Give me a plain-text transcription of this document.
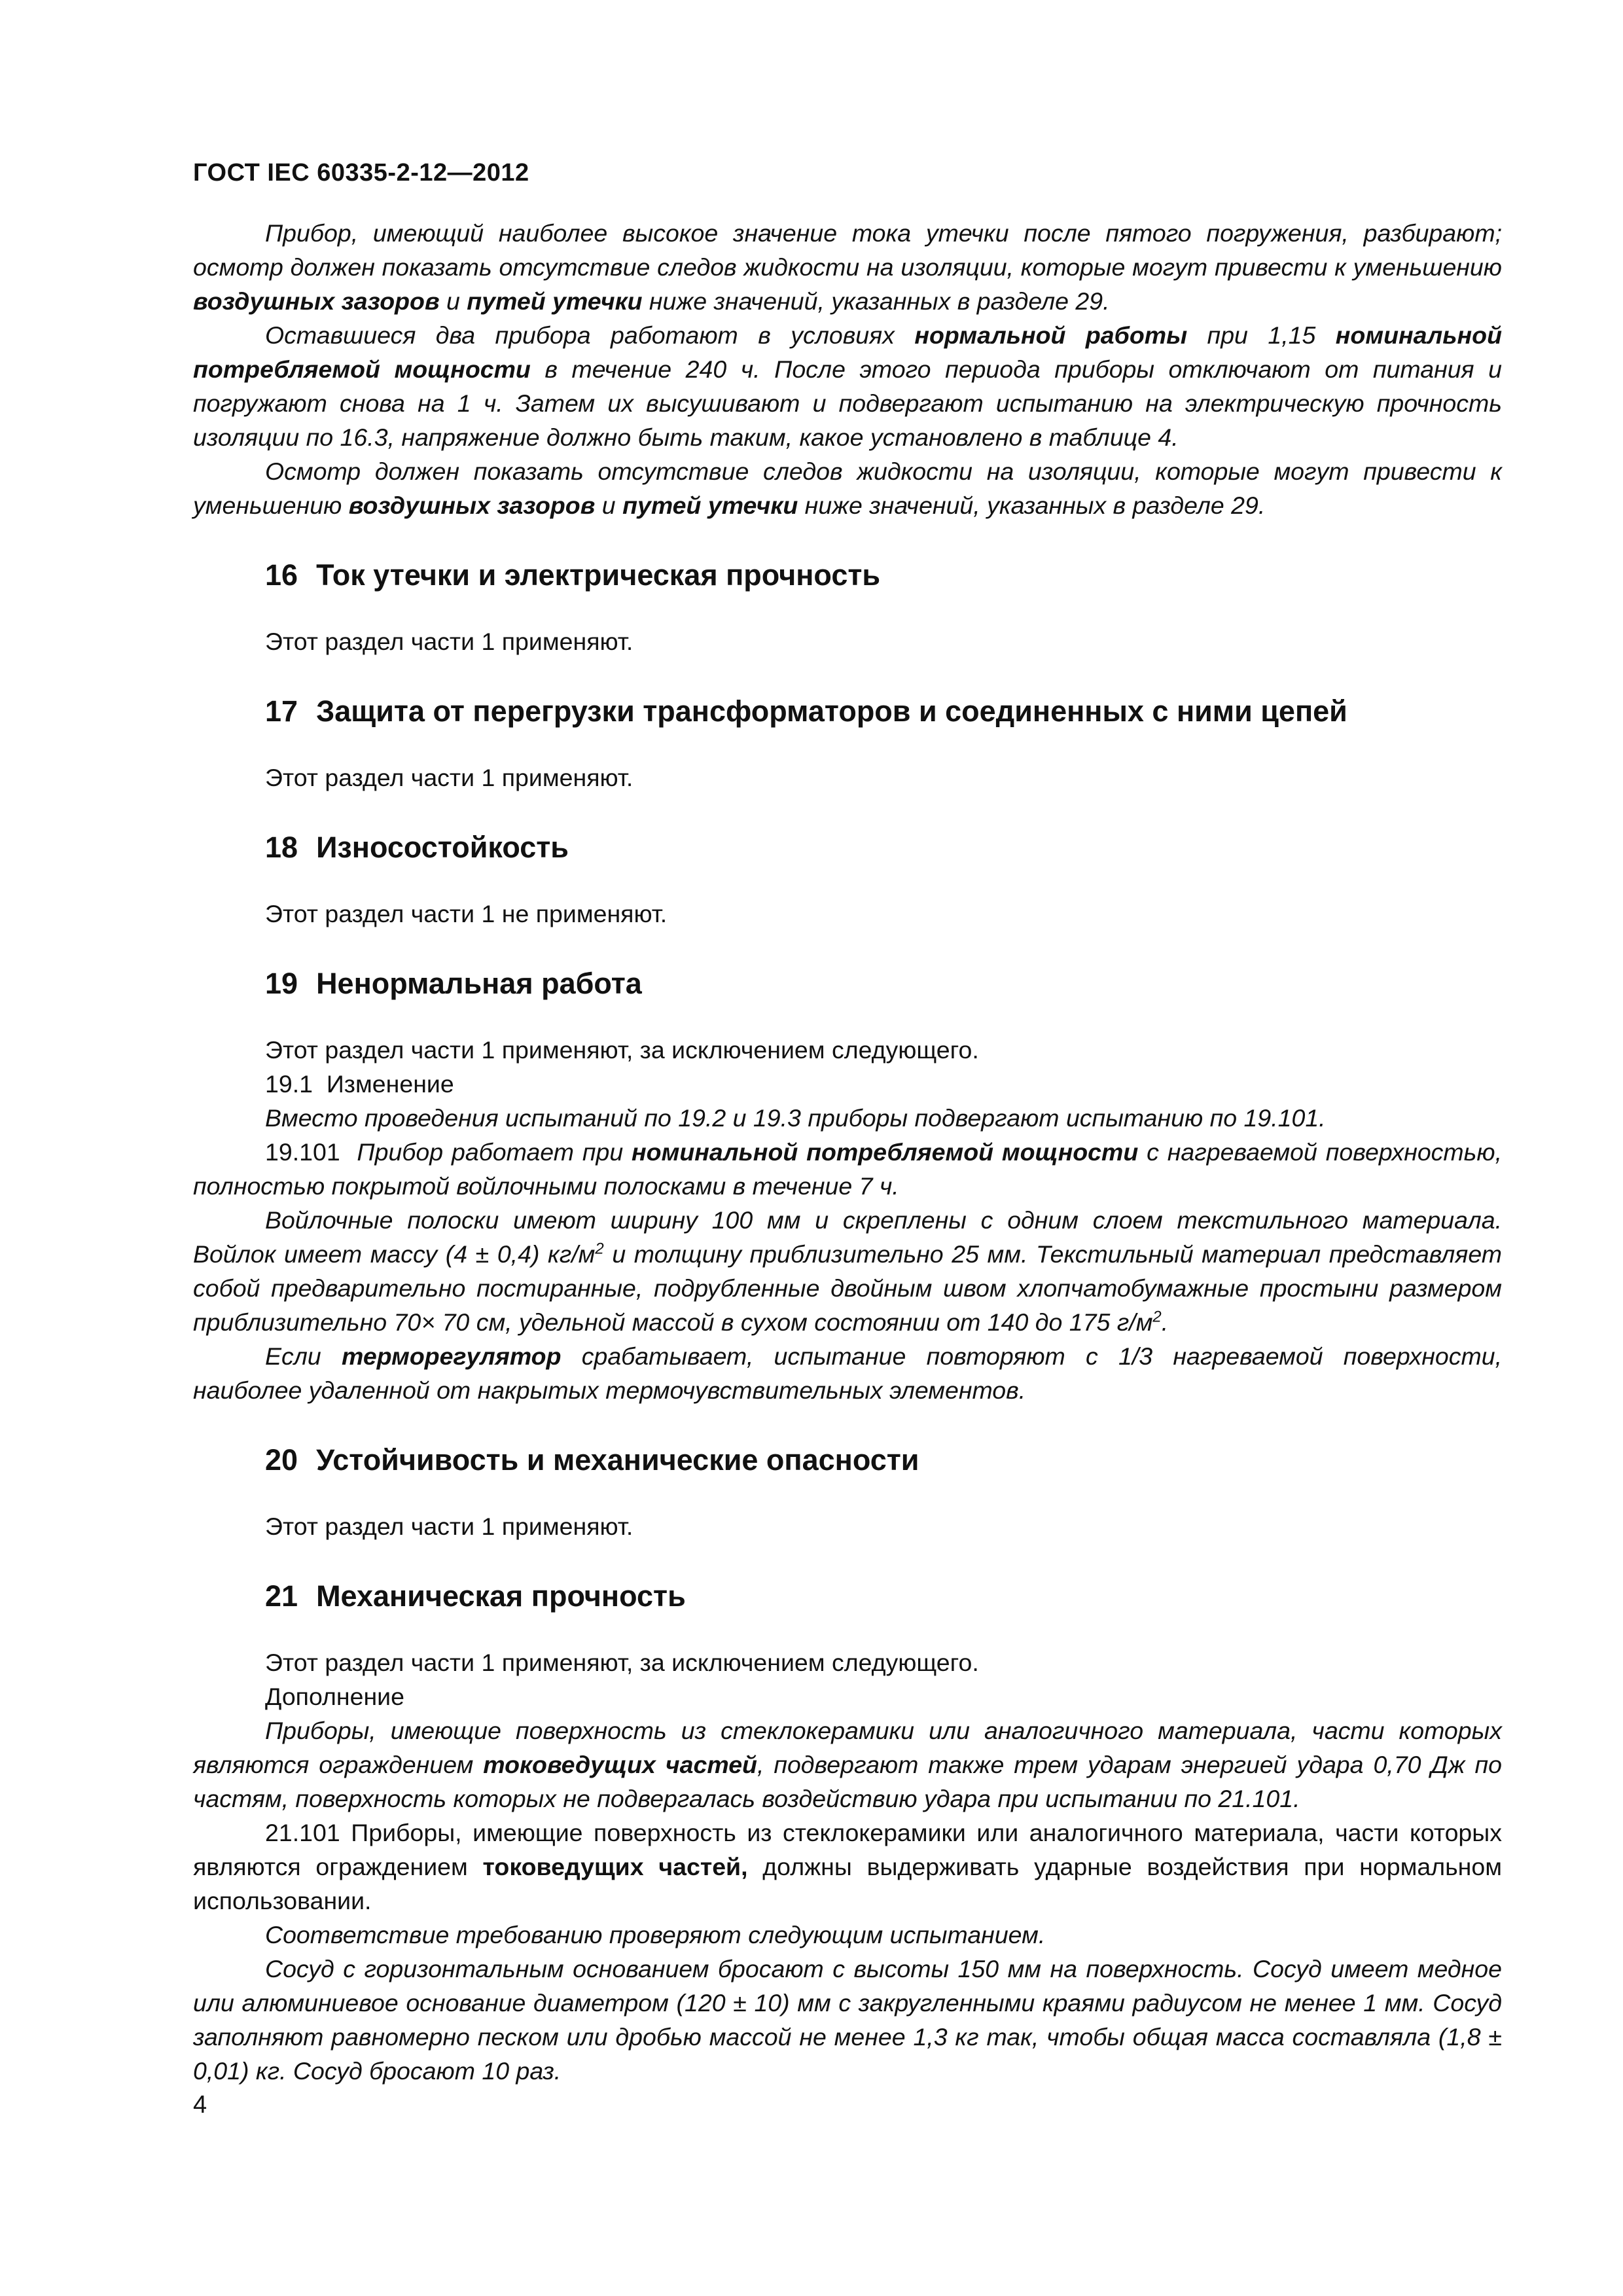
ГОСТ IEC 60335-2-12—2012

Прибор, имеющий наиболее высокое значение тока утечки после пятого погружения, разбирают; осмотр должен показать отсутствие следов жидкости на изоляции, которые могут привести к уменьшению воздушных зазоров и путей утечки ниже значений, указанных в разделе 29.

Оставшиеся два прибора работают в условиях нормальной работы при 1,15 номинальной потребляемой мощности в течение 240 ч. После этого периода приборы отключают от питания и погружают снова на 1 ч. Затем их высушивают и подвергают испытанию на электрическую прочность изоляции по 16.3, напряжение должно быть таким, какое установлено в таблице 4.

Осмотр должен показать отсутствие следов жидкости на изоляции, которые могут привести к уменьшению воздушных зазоров и путей утечки ниже значений, указанных в разделе 29.

16 Ток утечки и электрическая прочность

Этот раздел части 1 применяют.

17 Защита от перегрузки трансформаторов и соединенных с ними цепей

Этот раздел части 1 применяют.

18 Износостойкость

Этот раздел части 1 не применяют.

19 Ненормальная работа

Этот раздел части 1 применяют, за исключением следующего.

19.1 Изменение

Вместо проведения испытаний по 19.2 и 19.3 приборы подвергают испытанию по 19.101.

19.101 Прибор работает при номинальной потребляемой мощности с нагреваемой поверхностью, полностью покрытой войлочными полосками в течение 7 ч.

Войлочные полоски имеют ширину 100 мм и скреплены с одним слоем текстильного материала. Войлок имеет массу (4 ± 0,4) $кг/м^2$ и толщину приблизительно 25 мм. Текстильный материал представляет собой предварительно постиранные, подрубленные двойным швом хлопчатобумажные простыни размером приблизительно 70× 70 см, удельной массой в сухом состоянии от 140 до 175 $г/м^2$.

Если терморегулятор срабатывает, испытание повторяют с 1/3 нагреваемой поверхности, наиболее удаленной от накрытых термочувствительных элементов.

20 Устойчивость и механические опасности

Этот раздел части 1 применяют.

21 Механическая прочность

Этот раздел части 1 применяют, за исключением следующего.

Дополнение

Приборы, имеющие поверхность из стеклокерамики или аналогичного материала, части которых являются ограждением токоведущих частей, подвергают также трем ударам энергией удара 0,70 Дж по частям, поверхность которых не подвергалась воздействию удара при испытании по 21.101.

21.101 Приборы, имеющие поверхность из стеклокерамики или аналогичного материала, части которых являются ограждением токоведущих частей, должны выдерживать ударные воздействия при нормальном использовании.

Соответствие требованию проверяют следующим испытанием.

Сосуд с горизонтальным основанием бросают с высоты 150 мм на поверхность. Сосуд имеет медное или алюминиевое основание диаметром (120 ± 10) мм с закругленными краями радиусом не менее 1 мм. Сосуд заполняют равномерно песком или дробью массой не менее 1,3 кг так, чтобы общая масса составляла (1,8 ± 0,01) кг. Сосуд бросают 10 раз.

4
